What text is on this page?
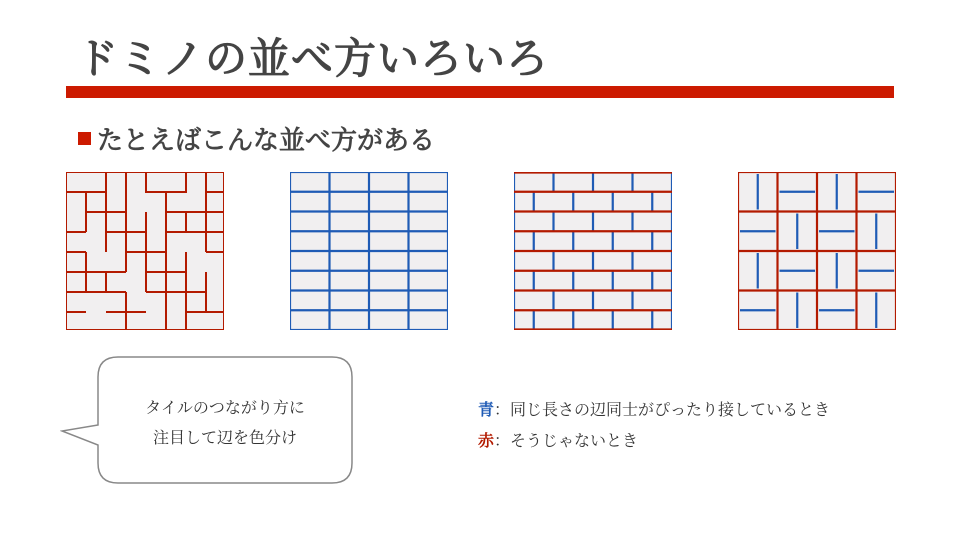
ドミノの並べ方いろいろ
たとえばこんな並べ方がある
タイルのつながり方に
注目して辺を色分け
青：同じ長さの辺同士がぴったり接しているとき
赤：そうじゃないとき
